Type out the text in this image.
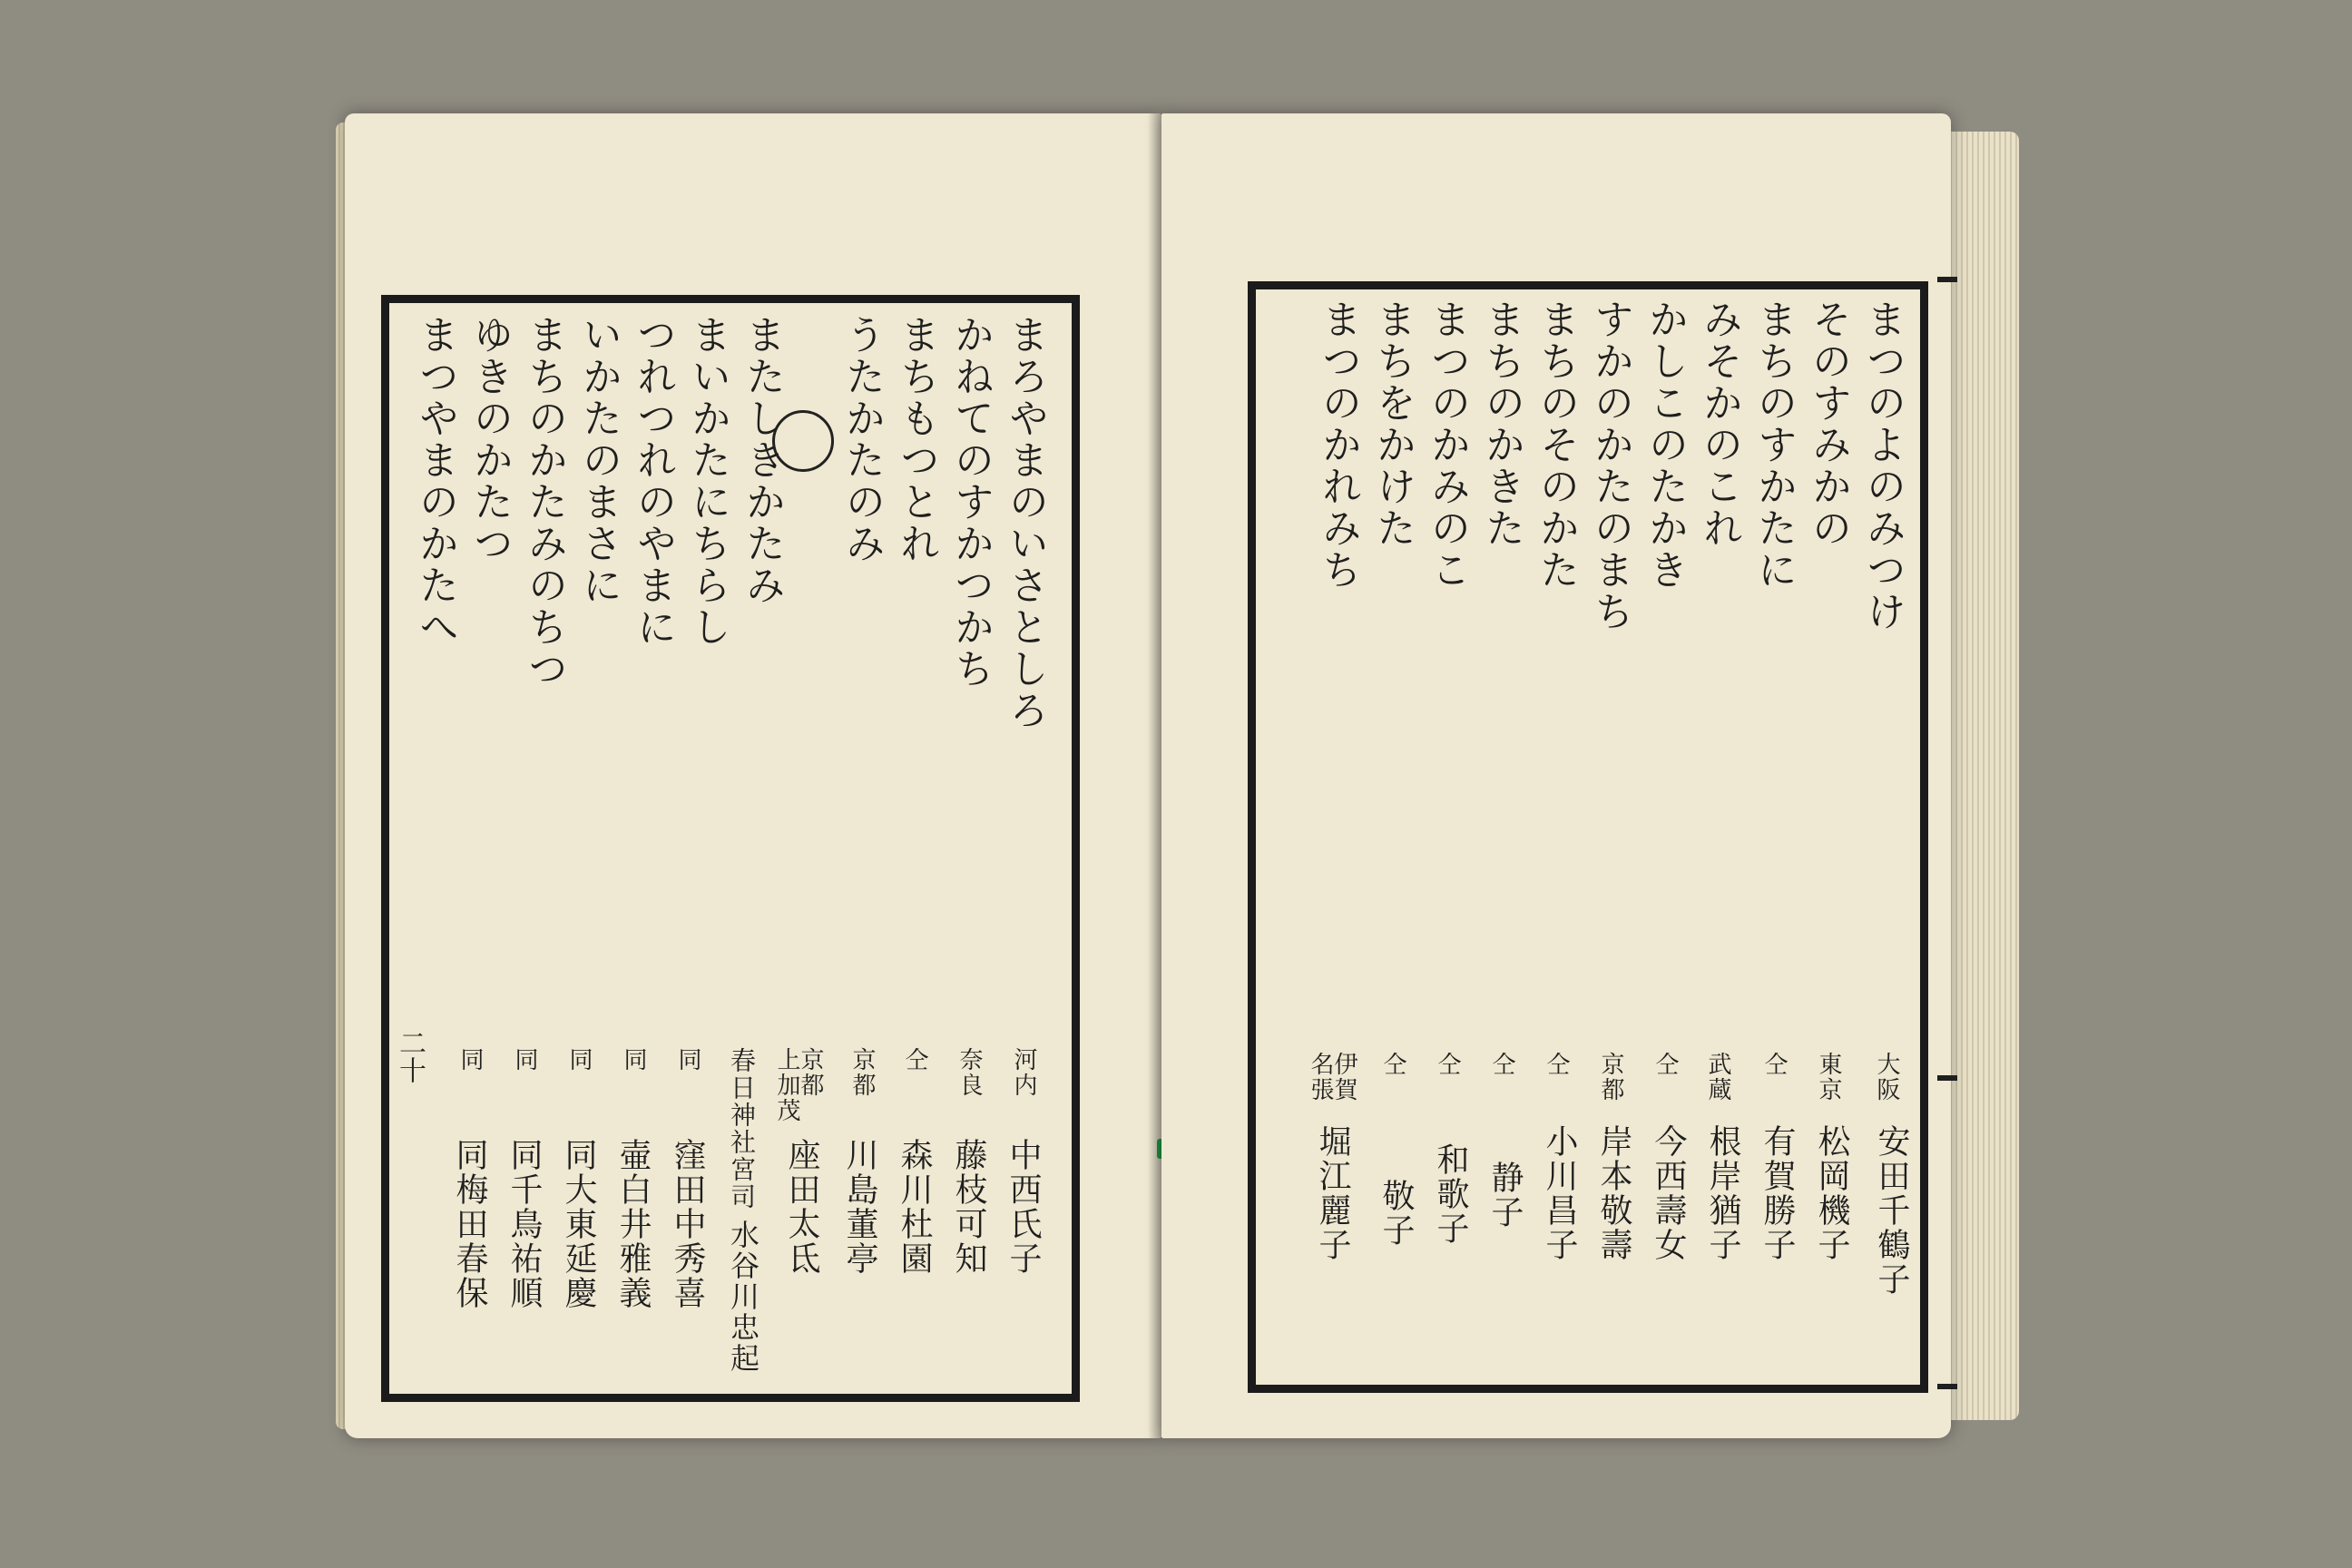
まろやまのいさとしろ
かねてのすかつかち
まちもつとれ
うたかたのみ
またしきかたみ
まいかたにちらし
つれつれのやまに
いかたのまさに
まちのかたみのちつ
ゆきのかたつ
まつやまのかたへ
河内
中西氏子
奈良
藤枝可知
仝
森川杜園
京都
川島董亭
京都 上加茂
座田太氐
春日神社宮司
水谷川忠起
同
窪田中秀喜
同
壷白井雅義
同
同大東延慶
同
同千鳥祐順
同
同梅田春保
二十

まつのよのみつけ
そのすみかの
まちのすかたに
みそかのこれ
かしこのたかき
すかのかたのまち
まちのそのかた
まちのかきた
まつのかみのこ
まちをかけた
まつのかれみち
大阪
安田千鶴子
東京
松岡機子
仝
有賀勝子
武蔵
根岸猶子
仝
今西壽女
京都
岸本敬壽
仝
小川昌子
仝
静子
仝
和歌子
仝
敬子
伊賀 名張
堀江麗子
